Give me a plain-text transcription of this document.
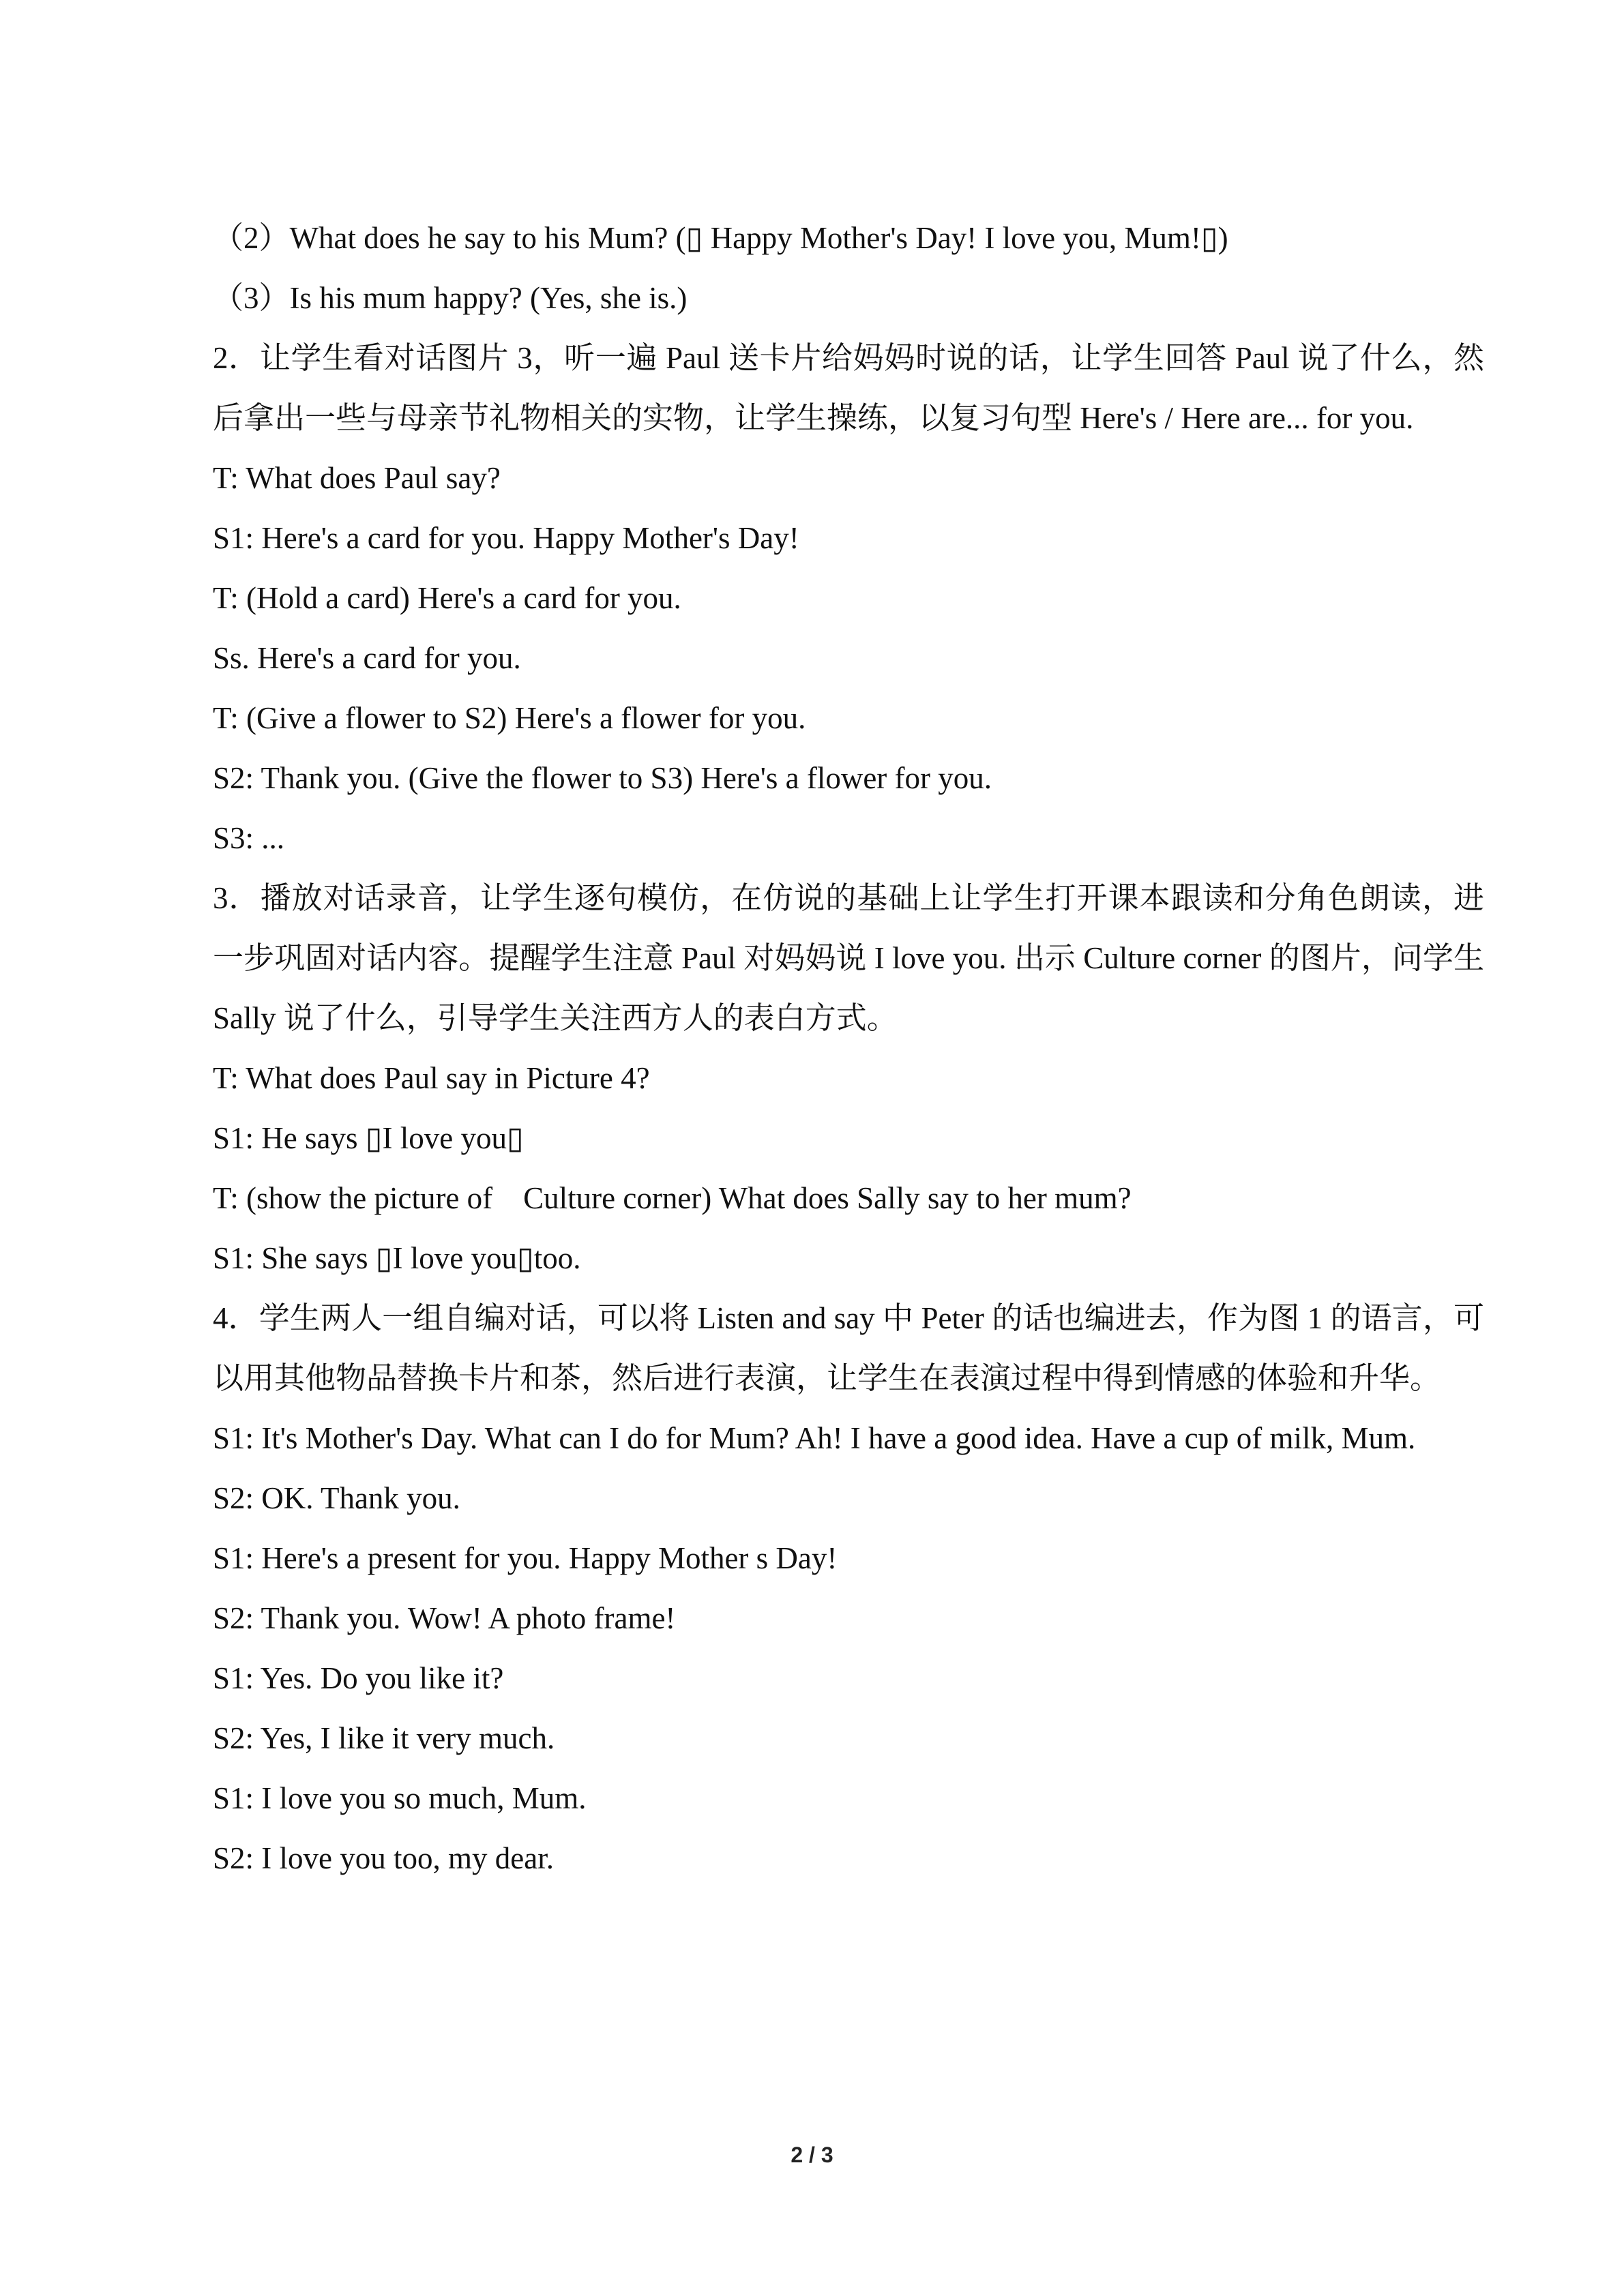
（2）What does he say to his Mum? (▯ Happy Mother's Day! I love you, Mum!▯)
（3）Is his mum happy? (Yes, she is.)
2．让学生看对话图片 3，听一遍 Paul 送卡片给妈妈时说的话，让学生回答 Paul 说了什么，然后拿出一些与母亲节礼物相关的实物，让学生操练，以复习句型 Here's / Here are... for you.
T: What does Paul say?
S1: Here's a card for you. Happy Mother's Day!
T: (Hold a card) Here's a card for you.
Ss. Here's a card for you.
T: (Give a flower to S2) Here's a flower for you.
S2: Thank you. (Give the flower to S3) Here's a flower for you.
S3: ...
3．播放对话录音，让学生逐句模仿，在仿说的基础上让学生打开课本跟读和分角色朗读，进一步巩固对话内容。提醒学生注意 Paul 对妈妈说 I love you. 出示 Culture corner 的图片，问学生 Sally 说了什么，引导学生关注西方人的表白方式。
T: What does Paul say in Picture 4?
S1: He says ▯I love you▯
T: (show the picture of    Culture corner) What does Sally say to her mum?
S1: She says ▯I love you▯too.
4．学生两人一组自编对话，可以将 Listen and say 中 Peter 的话也编进去，作为图 1 的语言，可以用其他物品替换卡片和茶，然后进行表演，让学生在表演过程中得到情感的体验和升华。
S1: It's Mother's Day. What can I do for Mum? Ah! I have a good idea. Have a cup of milk, Mum.
S2: OK. Thank you.
S1: Here's a present for you. Happy Mother s Day!
S2: Thank you. Wow! A photo frame!
S1: Yes. Do you like it?
S2: Yes, I like it very much.
S1: I love you so much, Mum.
S2: I love you too, my dear.
2 / 3
